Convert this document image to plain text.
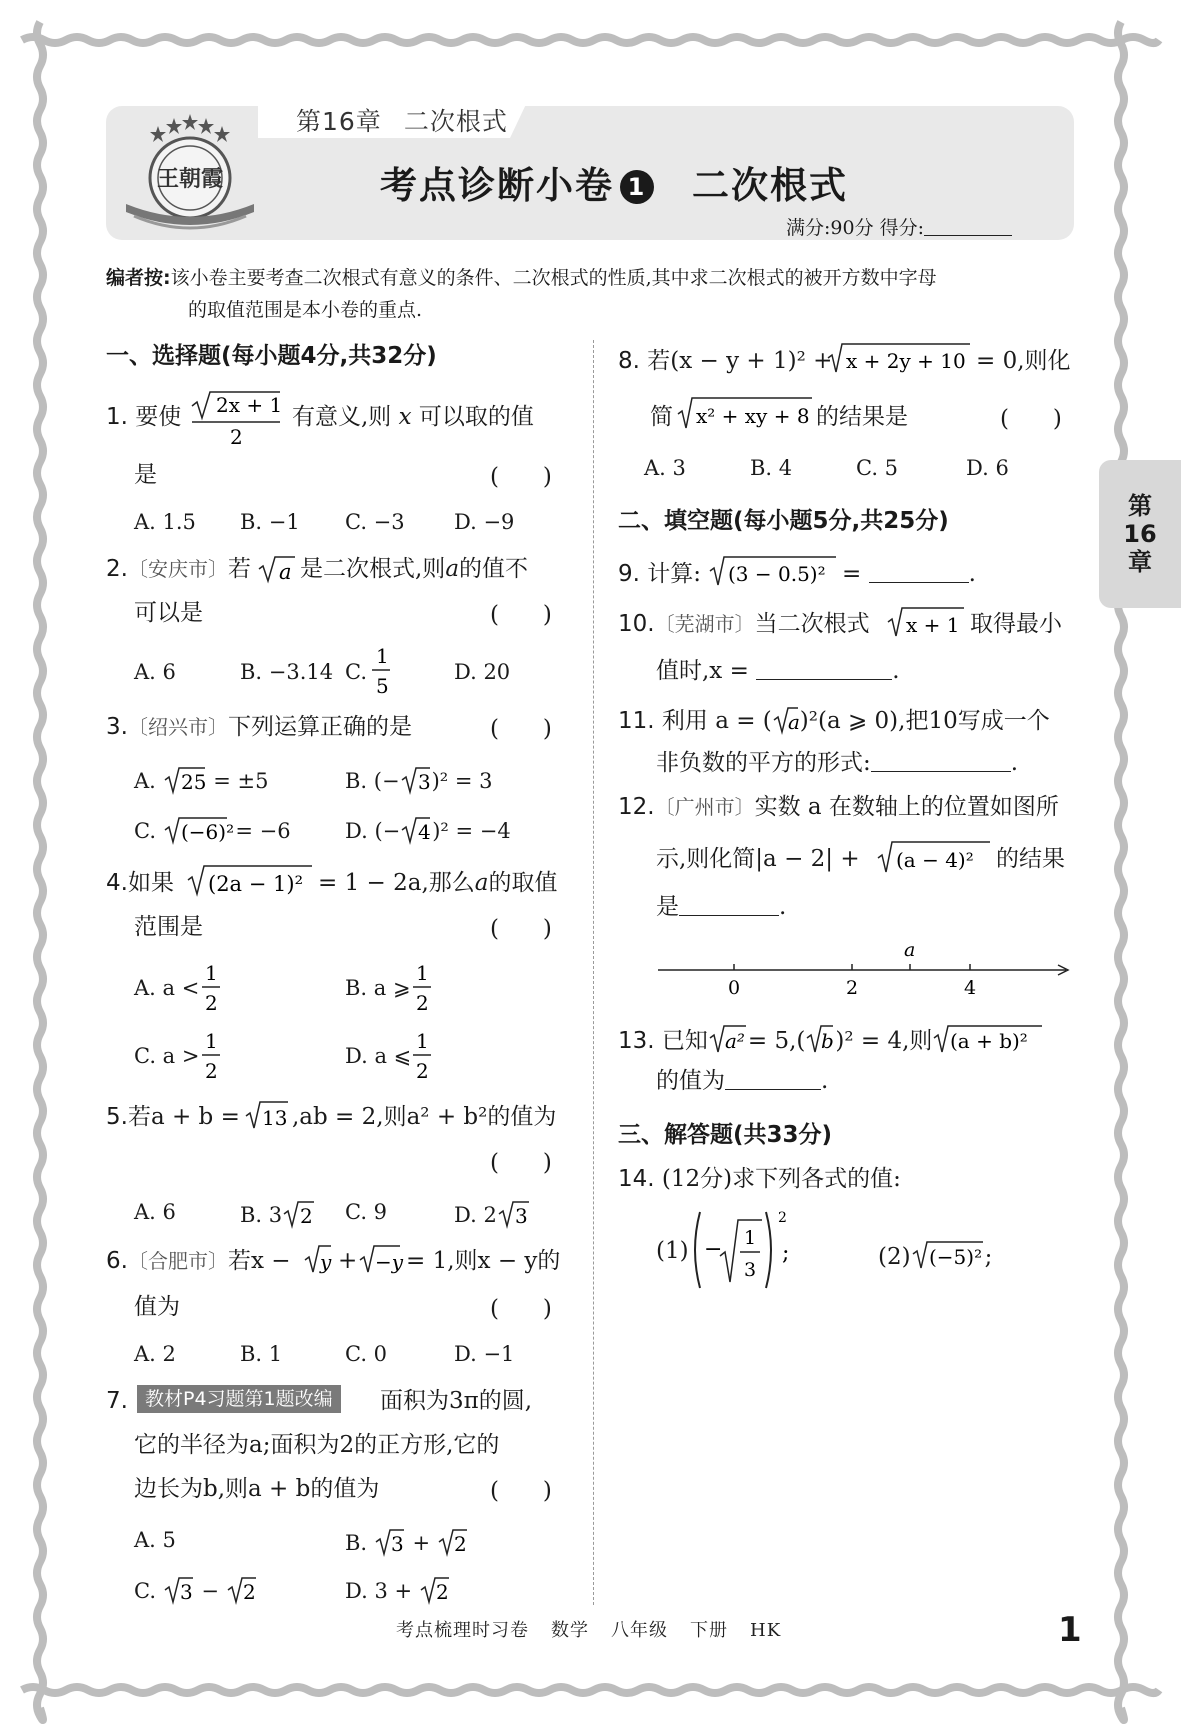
第16章 二次根式
王朝霞	考点诊断小卷 1 二次根式
满分:90分 得分:
编者按:该小卷主要考查二次根式有意义的条件、二次根式的性质,其中求二次根式的被开方数中字母
的取值范围是本小卷的重点.
第
16
章
一、选择题(每小题4分,共32分)
1. 要使 2x + 1
2
有意义,则 x 可以取的值
是	(      )
A. 1.5 B. −1 C. −3 D. −9
2.〔安庆市〕若 a 是二次根式,则a的值不
可以是	(      )
A. 6	B. −3.14 C.
1
5
D. 20
3.〔绍兴市〕下列运算正确的是	(      )
A. 25 = ±5	B. (− 3 )² = 3
C. (−6)² = −6	D. (− 4 )² = −4
4.如果 (2a − 1)² = 1 − 2a,那么a的取值
范围是	(      )
A. a <
1
2
B. a ⩾
1
2
C. a >
1
2
D. a ⩽
1
2
5.若a + b = 13 ,ab = 2,则a² + b²的值为
(      )
A. 6	B. 3 2 C. 9	D. 2 3
6.〔合肥市〕若x − y + −y = 1,则x − y的
值为	(      )
A. 2	B. 1	C. 0	D. −1
7. 教材P4习题第1题改编	面积为3π的圆,
它的半径为a;面积为2的正方形,它的
边长为b,则a + b的值为	(      )
A. 5	B. 3 + 2
C. 3 − 2	D. 3 + 2
8. 若(x − y + 1)² + x + 2y + 10 = 0,则化
简 x² + xy + 8 的结果是	(      )
A. 3	B. 4	C. 5	D. 6
二、填空题(每小题5分,共25分)
9. 计算: (3 − 0.5)² =	.
10.〔芜湖市〕当二次根式 x + 1 取得最小
值时,x =	.
11. 利用 a = ( a )²(a ⩾ 0),把10写成一个
非负数的平方的形式:	.
12.〔广州市〕实数 a 在数轴上的位置如图所
示,则化简|a − 2| + (a − 4)² 的结果
是	.
0	2	4
a
13. 已知 a² = 5,( b )² = 4,则 (a + b)²
的值为	.
三、解答题(共33分)
14. (12分)求下列各式的值:
(1) − 1
3
2
;	(2) (−5)² ;
考点梳理时习卷 数学 八年级 下册 HK	1
